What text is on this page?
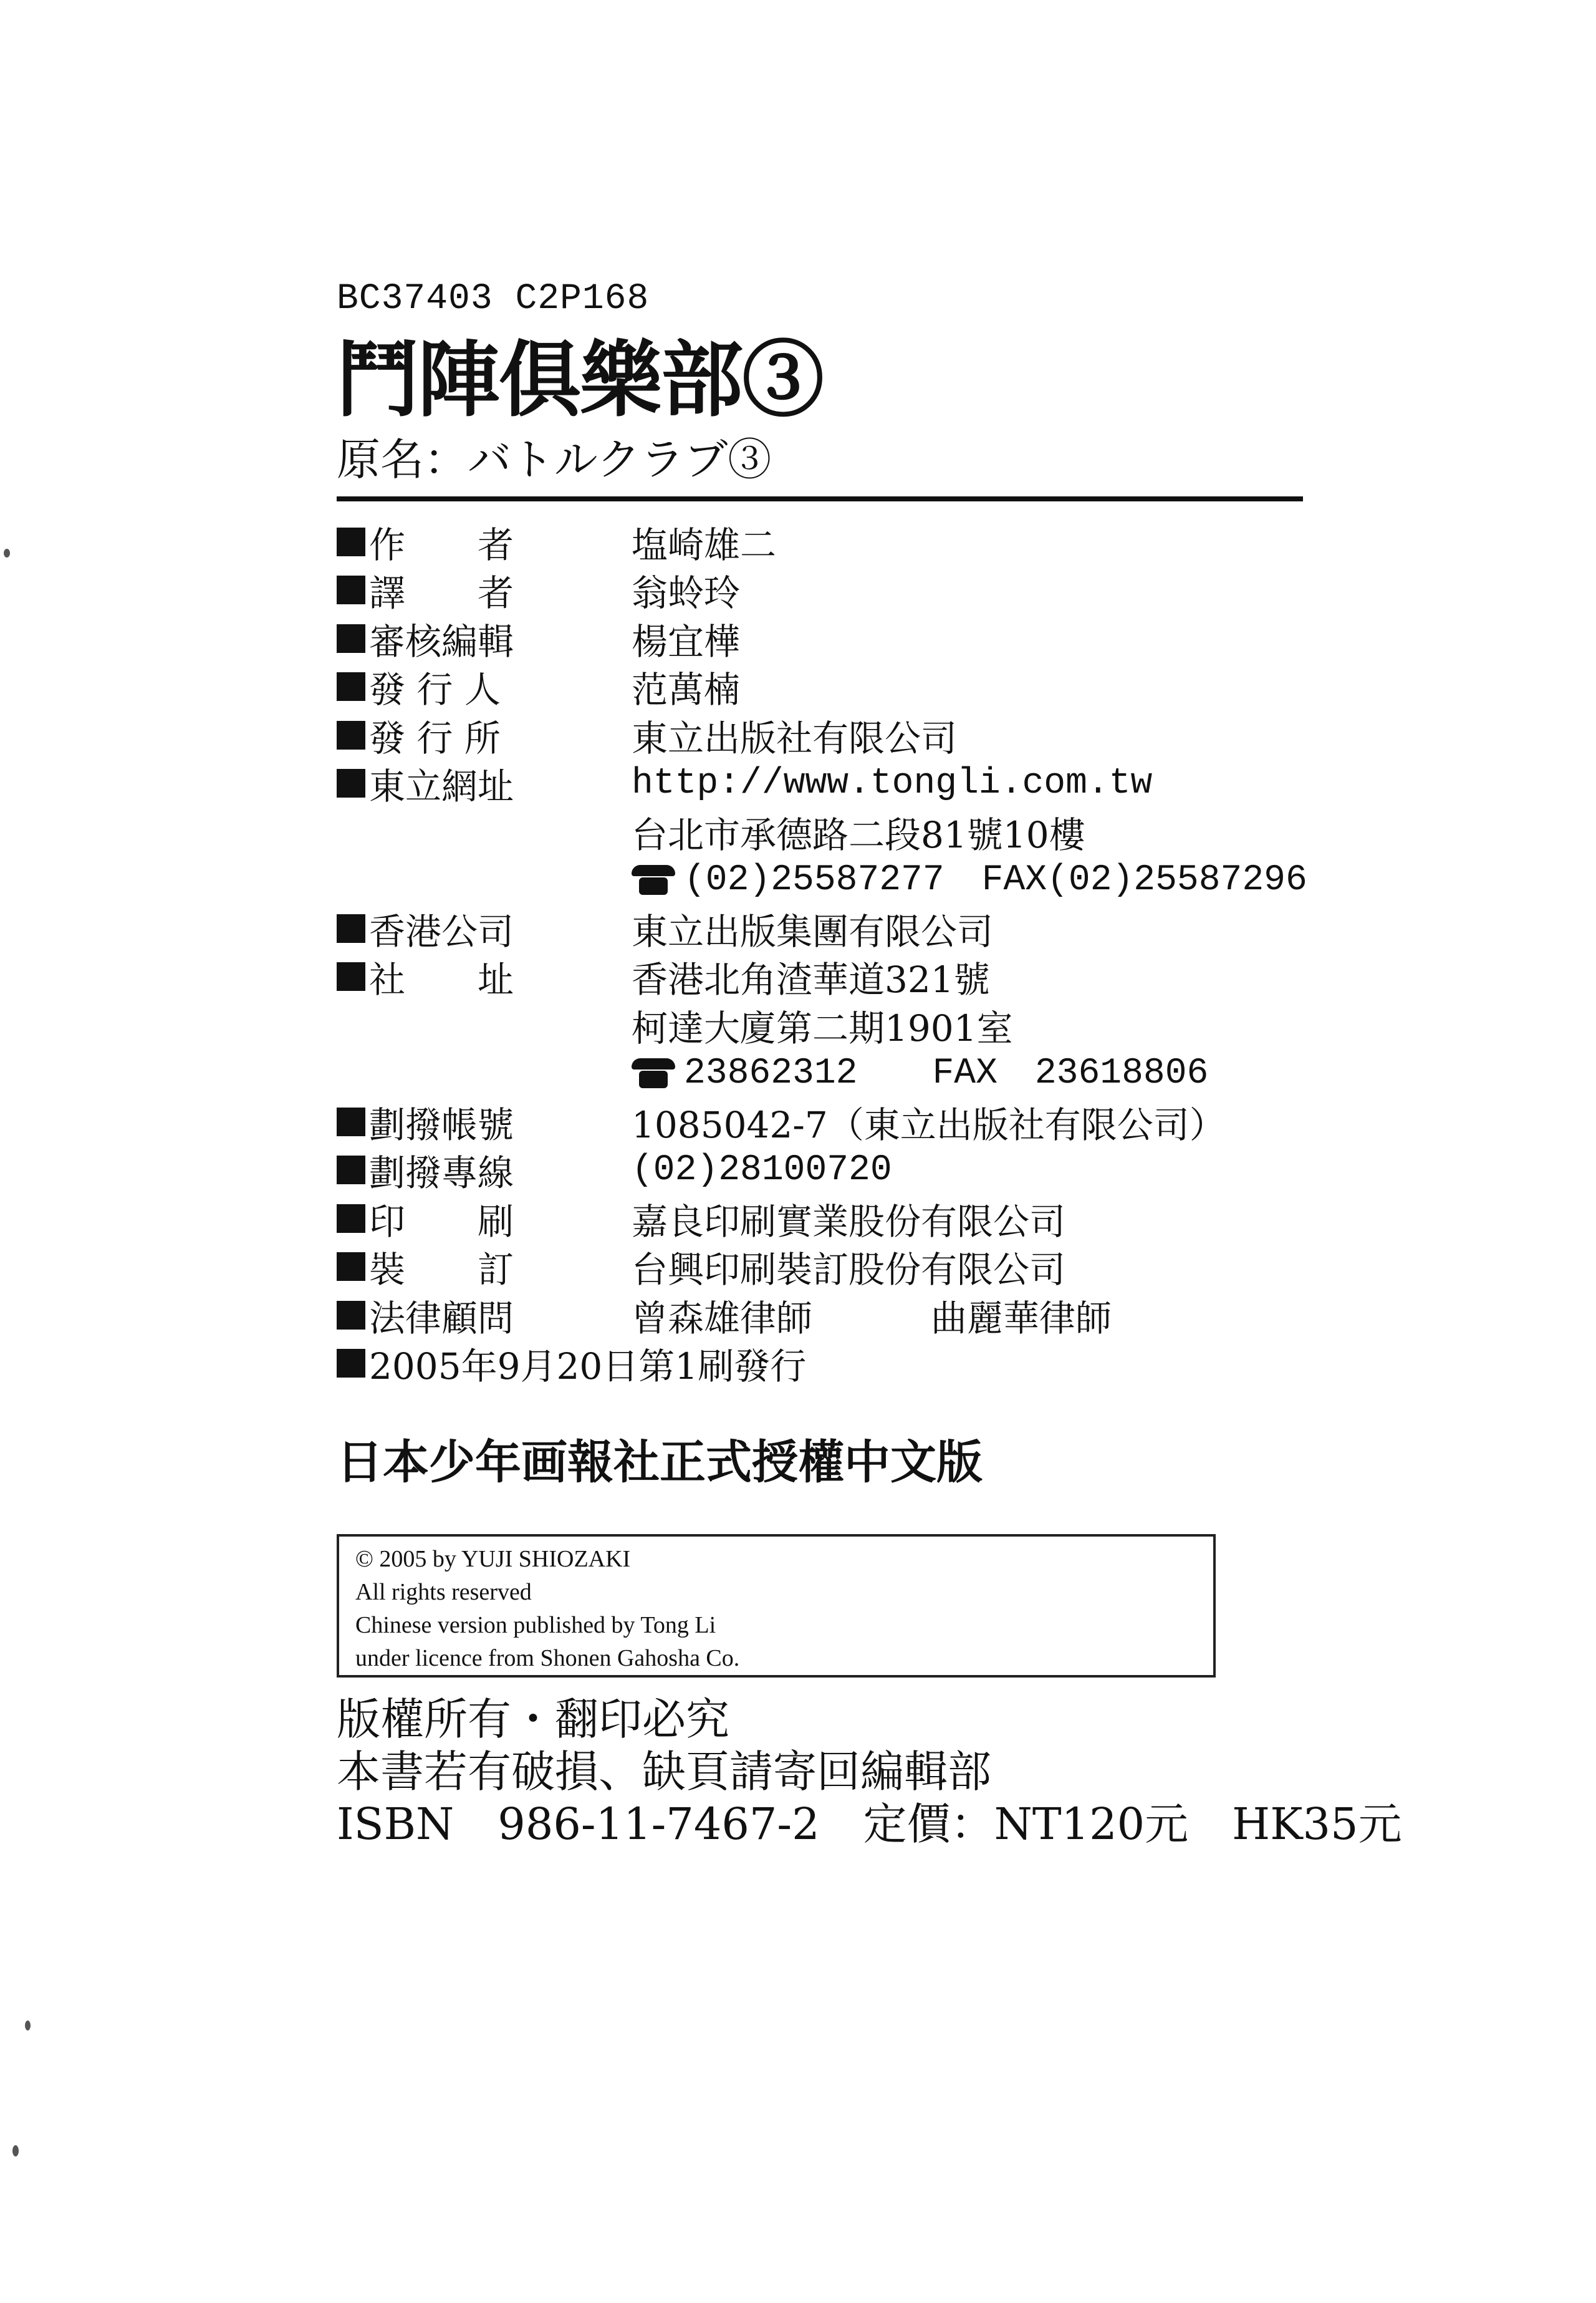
BC37403 C2P168
鬥陣俱樂部③
原名：バトルクラブ③
作　　者	塩崎雄二
譯　　者	翁蛉玲
審核編輯	楊宜樺
發 行 人	范萬楠
發 行 所	東立出版社有限公司
東立網址	http://www.tongli.com.tw
台北市承德路二段81號10樓
(02)25587277 FAX(02)25587296
香港公司	東立出版集團有限公司
社　　址	香港北角渣華道321號
柯達大廈第二期1901室
23862312 FAX 23618806
劃撥帳號	1085042-7（東立出版社有限公司）
劃撥專線	(02)28100720
印　　刷	嘉良印刷實業股份有限公司
裝　　訂	台興印刷裝訂股份有限公司
法律顧問	曾森雄律師	曲麗華律師
2005年9月20日第1刷發行
日本少年画報社正式授權中文版
© 2005 by YUJI SHIOZAKI
All rights reserved
Chinese version published by Tong Li
under licence from Shonen Gahosha Co.
版權所有・翻印必究
本書若有破損、缺頁請寄回編輯部
ISBN　986-11-7467-2　定價：NT120元　HK35元
